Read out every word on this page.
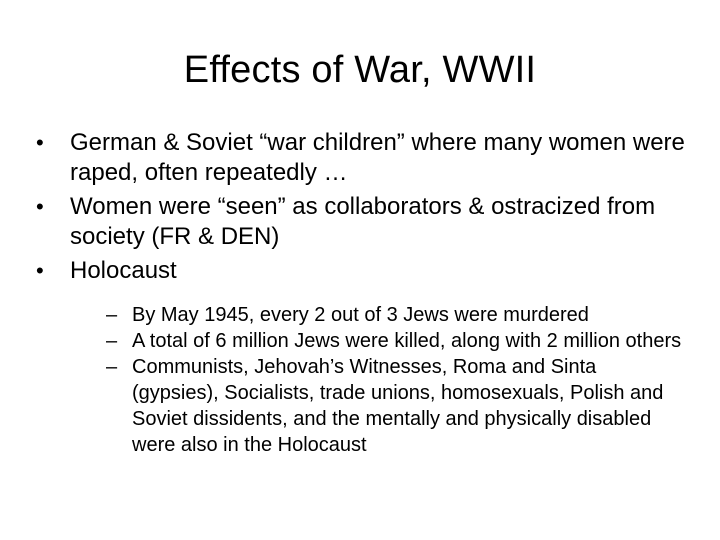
Effects of War, WWII
•	German & Soviet “war children” where many women were raped, often repeatedly …
•	Women were “seen” as collaborators & ostracized from society (FR & DEN)
•	Holocaust
– By May 1945, every 2 out of 3 Jews were murdered
– A total of 6 million Jews were killed, along with 2 million others
– Communists, Jehovah’s Witnesses, Roma and Sinta (gypsies), Socialists, trade unions, homosexuals, Polish and Soviet dissidents, and the mentally and physically disabled were also in the Holocaust
